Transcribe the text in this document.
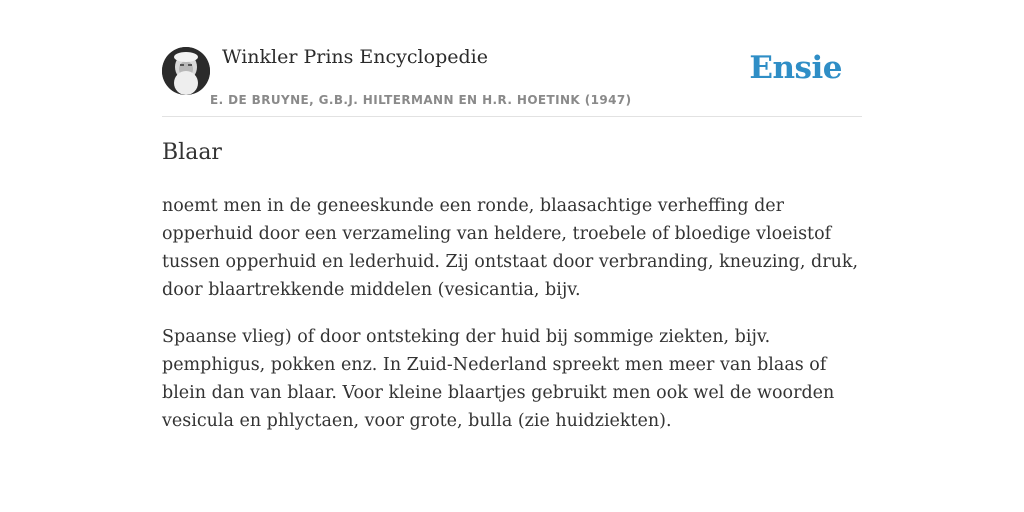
Winkler Prins Encyclopedie
E. DE BRUYNE, G.B.J. HILTERMANN EN H.R. HOETINK (1947)
Ensie
Blaar

noemt men in de geneeskunde een ronde, blaasachtige verheffing der opperhuid door een verzameling van heldere, troebele of bloedige vloeistof tussen opperhuid en lederhuid. Zij ontstaat door verbranding, kneuzing, druk, door blaartrekkende middelen (vesicantia, bijv.

Spaanse vlieg) of door ontsteking der huid bij sommige ziekten, bijv. pemphigus, pokken enz. In Zuid-Nederland spreekt men meer van blaas of blein dan van blaar. Voor kleine blaartjes gebruikt men ook wel de woorden vesicula en phlyctaen, voor grote, bulla (zie huidziekten).
